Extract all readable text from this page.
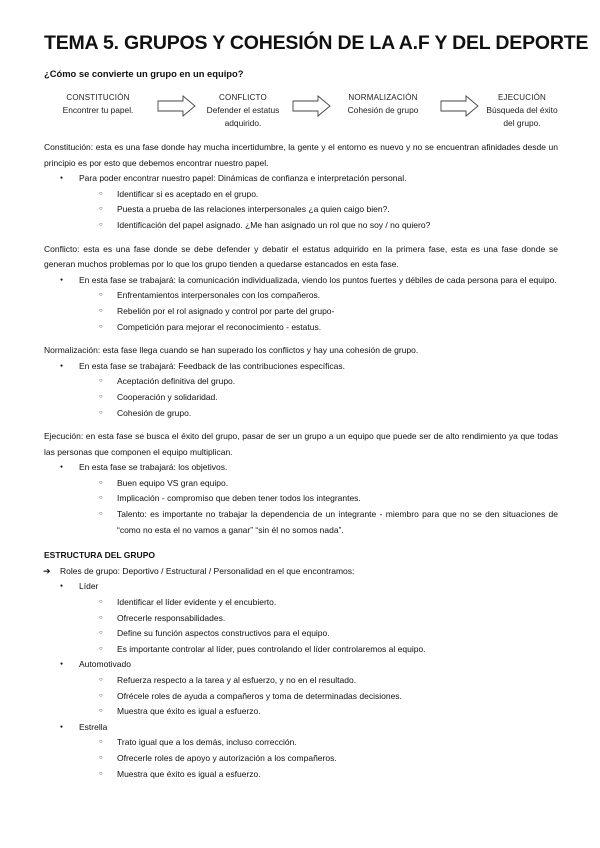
TEMA 5. GRUPOS Y COHESIÓN DE LA A.F Y DEL DEPORTE
¿Cómo se convierte un grupo en un equipo?
CONSTITUCIÓN
Encontrer tu papel.
CONFLICTO
Defender el estatus
adquirido.
NORMALIZACIÓN
Cohesión de grupo
EJECUCIÓN
Búsqueda del éxito
del grupo.

Constitución: esta es una fase donde hay mucha incertidumbre, la gente y el entorno es nuevo y no se encuentran afinidades desde un principio es por esto que debemos encontrar nuestro papel.

● Para poder encontrar nuestro papel: Dinámicas de confianza e interpretación personal.
○ Identificar si es aceptado en el grupo.
○ Puesta a prueba de las relaciones interpersonales ¿a quien caigo bien?.
○ Identificación del papel asignado. ¿Me han asignado un rol que no soy / no quiero?

Conflicto: esta es una fase donde se debe defender y debatir el estatus adquirido en la primera fase, esta es una fase donde se generan muchos problemas por lo que los grupo tienden a quedarse estancados en esta fase.

● En esta fase se trabajará: la comunicación individualizada, viendo los puntos fuertes y débiles de cada persona para el equipo.
○ Enfrentamientos interpersonales con los compañeros.
○ Rebelión por el rol asignado y control por parte del grupo-
○ Competición para mejorar el reconocimiento - estatus.

Normalización: esta fase llega cuando se han superado los conflictos y hay una cohesión de grupo.

● En esta fase se trabajará: Feedback de las contribuciones específicas.
○ Aceptación definitiva del grupo.
○ Cooperación y solidaridad.
○ Cohesión de grupo.

Ejecución: en esta fase se busca el éxito del grupo, pasar de ser un grupo a un equipo que puede ser de alto rendimiento ya que todas las personas que componen el equipo multiplican.

● En esta fase se trabajará: los objetivos.
○ Buen equipo VS gran equipo.
○ Implicación - compromiso que deben tener todos los integrantes.
○ Talento: es importante no trabajar la dependencia de un integrante - miembro para que no se den situaciones de “como no esta el no vamos a ganar” “sin él no somos nada”.
ESTRUCTURA DEL GRUPO
➔ Roles de grupo: Deportivo / Estructural / Personalidad en el que encontramos:
● Líder
○ Identificar el líder evidente y el encubierto.
○ Ofrecerle responsabilidades.
○ Define su función aspectos constructivos para el equipo.
○ Es importante controlar al líder, pues controlando el líder controlaremos al equipo.
● Automotivado
○ Refuerza respecto a la tarea y al esfuerzo, y no en el resultado.
○ Ofrécele roles de ayuda a compañeros y toma de determinadas decisiones.
○ Muestra que éxito es igual a esfuerzo.
● Estrella
○ Trato igual que a los demás, incluso corrección.
○ Ofrecerle roles de apoyo y autorización a los compañeros.
○ Muestra que éxito es igual a esfuerzo.
